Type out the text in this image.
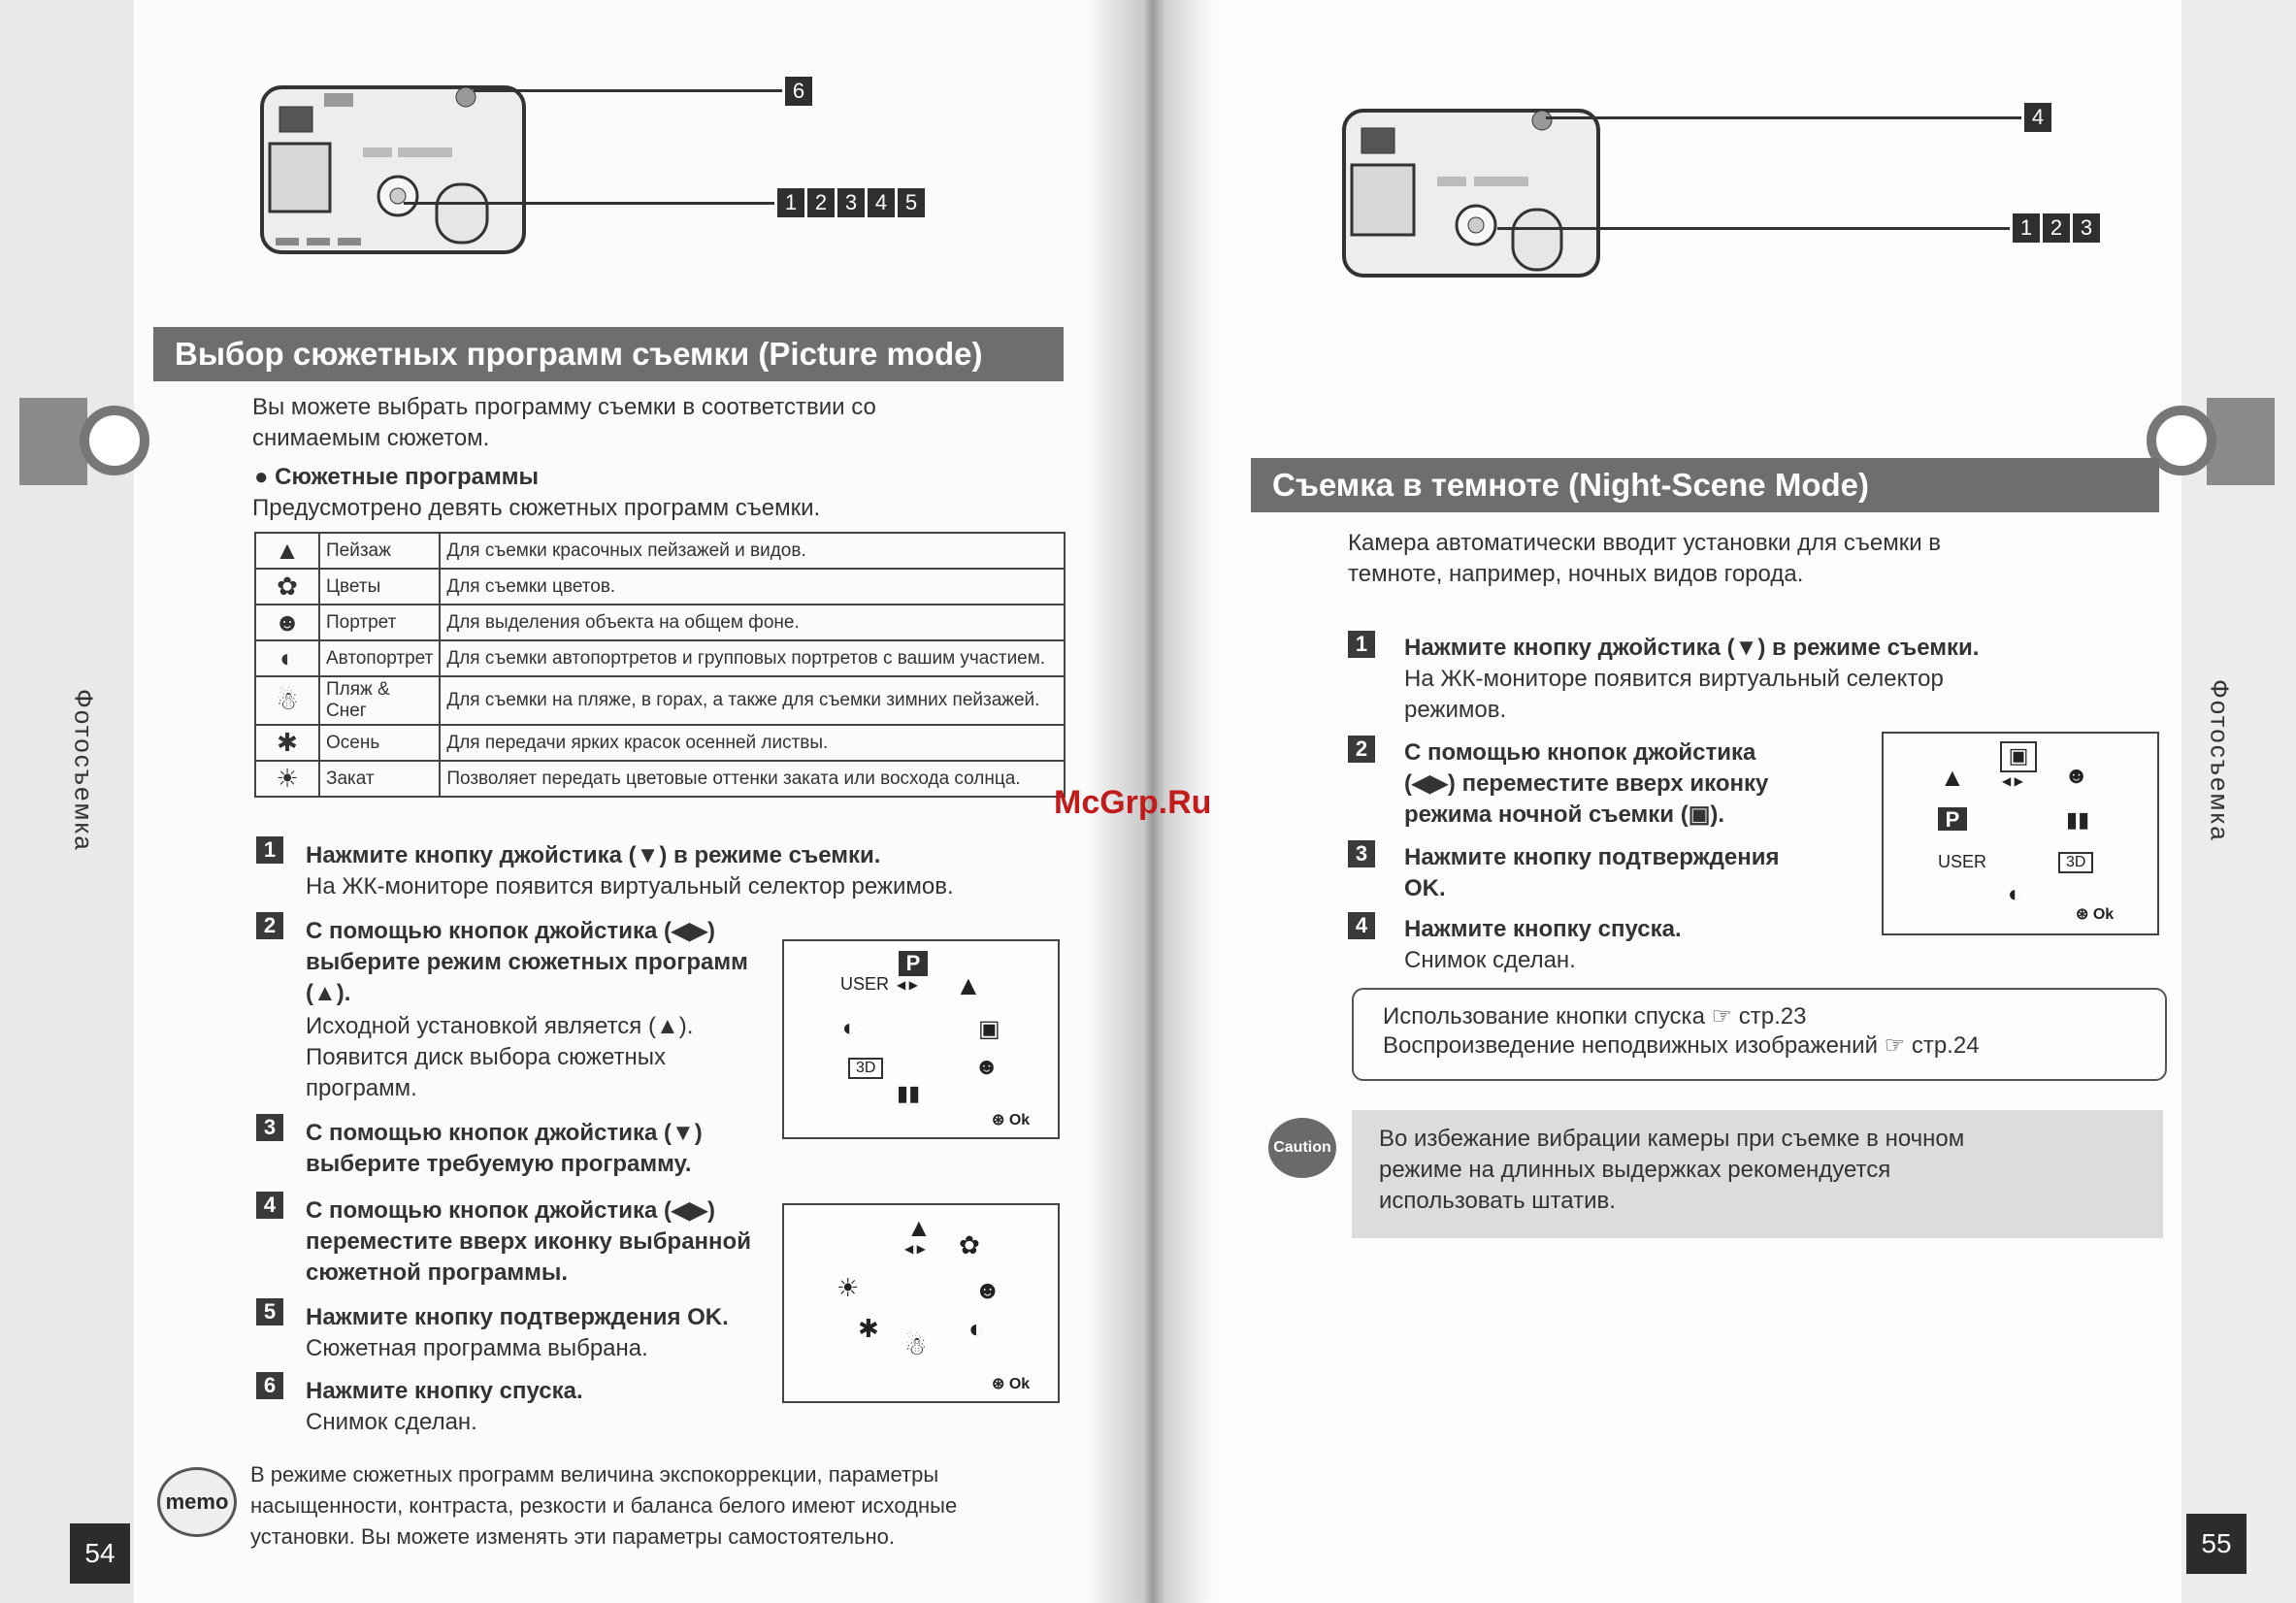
Фотосъемка
54
6
1 2 3 4 5
Выбор сюжетных программ съемки (Picture mode)
Вы можете выбрать программу съемки в соответствии со
снимаемым сюжетом.
● Сюжетные программы
Предусмотрено девять сюжетных программ съемки.
▲	Пейзаж	Для съемки красочных пейзажей и видов.
✿	Цветы	Для съемки цветов.
☻	Портрет	Для выделения объекта на общем фоне.
◐	Автопортрет	Для съемки автопортретов и групповых портретов с вашим участием.
☃	Пляж & Снег	Для съемки на пляже, в горах, а также для съемки зимних пейзажей.
✱	Осень	Для передачи ярких красок осенней листвы.
☀	Закат	Позволяет передать цветовые оттенки заката или восхода солнца.
1	Нажмите кнопку джойстика (▼) в режиме съемки.
На ЖК-мониторе появится виртуальный селектор режимов.
2	С помощью кнопок джойстика (◀▶) выберите режим сюжетных программ (▲).
Исходной установкой является (▲).
Появится диск выбора сюжетных
программ.
3	С помощью кнопок джойстика (▼) выберите требуемую программу.
4	С помощью кнопок джойстика (◀▶) переместите вверх иконку выбранной сюжетной программы.
5	Нажмите кнопку подтверждения OK.
Сюжетная программа выбрана.
6	Нажмите кнопку спуска.
Снимок сделан.
P
USER ◀ ▶ ▲
▣
◐
3D	☻
▮▮
⊛ Ok
▲
◀ ▶ ✿
☀	☻
✱	◐
☃
⊛ Ok
memo
В режиме сюжетных программ величина экспокоррекции, параметры
насыщенности, контраста, резкости и баланса белого имеют исходные
установки. Вы можете изменять эти параметры самостоятельно.
Фотосъемка
55
4
1 2 3
Съемка в темноте (Night-Scene Mode)
Камера автоматически вводит установки для съемки в
темноте, например, ночных видов города.
1	Нажмите кнопку джойстика (▼) в режиме съемки.
На ЖК-мониторе появится виртуальный селектор
режимов.
2	С помощью кнопок джойстика
(◀▶) переместите вверх иконку
режима ночной съемки (▣).
3	Нажмите кнопку подтверждения
OK.
4	Нажмите кнопку спуска.
Снимок сделан.
▣
◀ ▶
▲	☻
P	▮▮
USER	3D
◐
⊛ Ok
Использование кнопки спуска ☞ стр.23
Воспроизведение неподвижных изображений ☞ стр.24
Caution Во избежание вибрации камеры при съемке в ночном
режиме на длинных выдержках рекомендуется
использовать штатив.
McGrp.Ru
